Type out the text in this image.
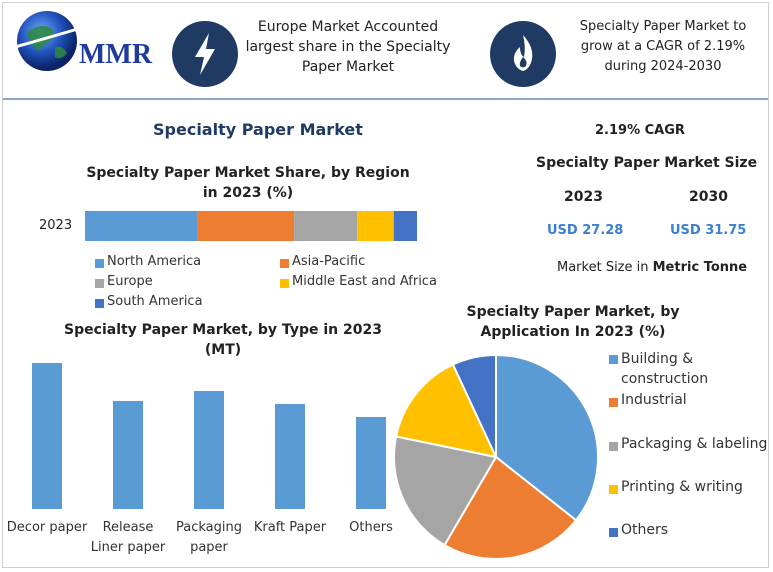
MMR
Europe Market Accounted largest share in the Specialty Paper Market
Specialty Paper Market to grow at a CAGR of 2.19% during 2024-2030
Specialty Paper Market	2.19% CAGR
Specialty Paper Market Size
2023	2030
USD 27.28	USD 31.75
Market Size in Metric Tonne
Specialty Paper Market Share, by Region in 2023 (%)
2023
North America	Asia-Pacific
Europe	Middle East and Africa
South America
Specialty Paper Market, by Type in 2023 (MT)
Decor paper	Release Liner paper
Packaging paper
Kraft Paper	Others
Specialty Paper Market, by Application In 2023 (%)
Building & construction
Industrial
Packaging & labeling
Printing & writing
Others
